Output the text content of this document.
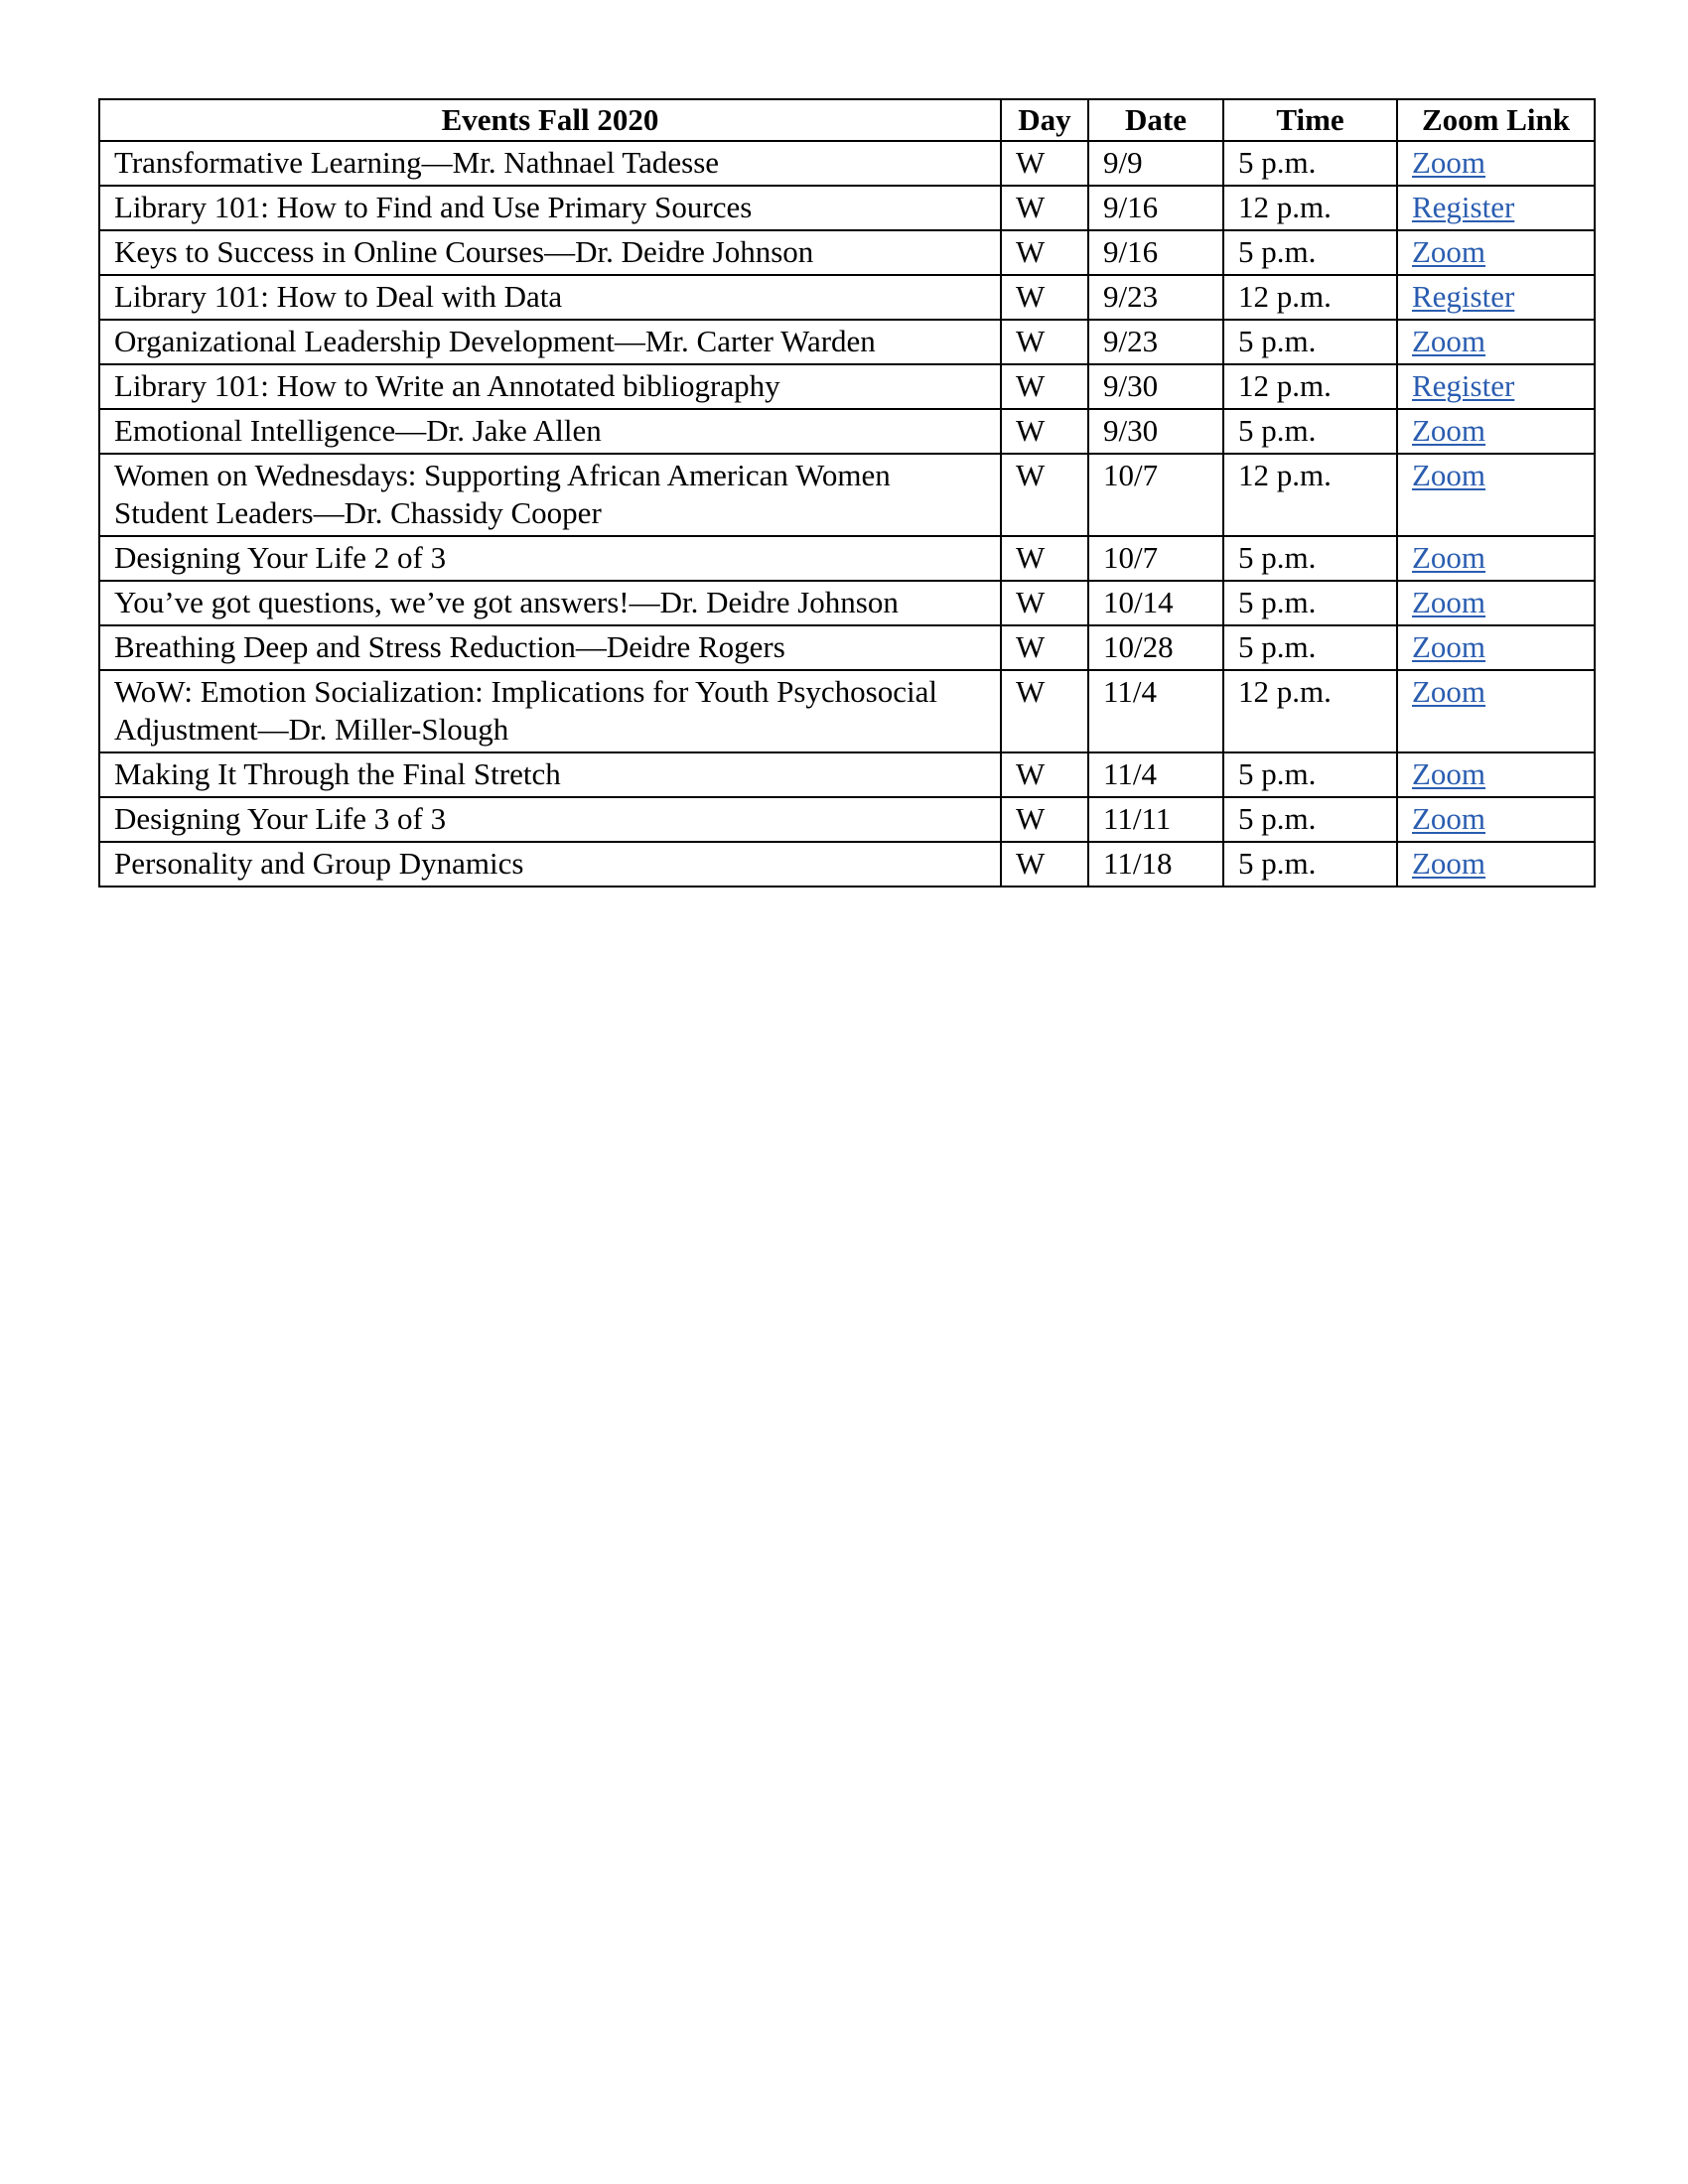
Events Fall 2020	Day	Date	Time	Zoom Link
Transformative Learning—Mr. Nathnael Tadesse	W	9/9	5 p.m.	Zoom
Library 101: How to Find and Use Primary Sources	W	9/16	12 p.m.	Register
Keys to Success in Online Courses—Dr. Deidre Johnson	W	9/16	5 p.m.	Zoom
Library 101: How to Deal with Data	W	9/23	12 p.m.	Register
Organizational Leadership Development—Mr. Carter Warden	W	9/23	5 p.m.	Zoom
Library 101: How to Write an Annotated bibliography	W	9/30	12 p.m.	Register
Emotional Intelligence—Dr. Jake Allen	W	9/30	5 p.m.	Zoom
Women on Wednesdays: Supporting African American Women Student Leaders—Dr. Chassidy Cooper	W	10/7	12 p.m.	Zoom
Designing Your Life 2 of 3	W	10/7	5 p.m.	Zoom
You’ve got questions, we’ve got answers!—Dr. Deidre Johnson	W	10/14	5 p.m.	Zoom
Breathing Deep and Stress Reduction—Deidre Rogers	W	10/28	5 p.m.	Zoom
WoW: Emotion Socialization: Implications for Youth Psychosocial Adjustment—Dr. Miller-Slough	W	11/4	12 p.m.	Zoom
Making It Through the Final Stretch	W	11/4	5 p.m.	Zoom
Designing Your Life 3 of 3	W	11/11	5 p.m.	Zoom
Personality and Group Dynamics	W	11/18	5 p.m.	Zoom
